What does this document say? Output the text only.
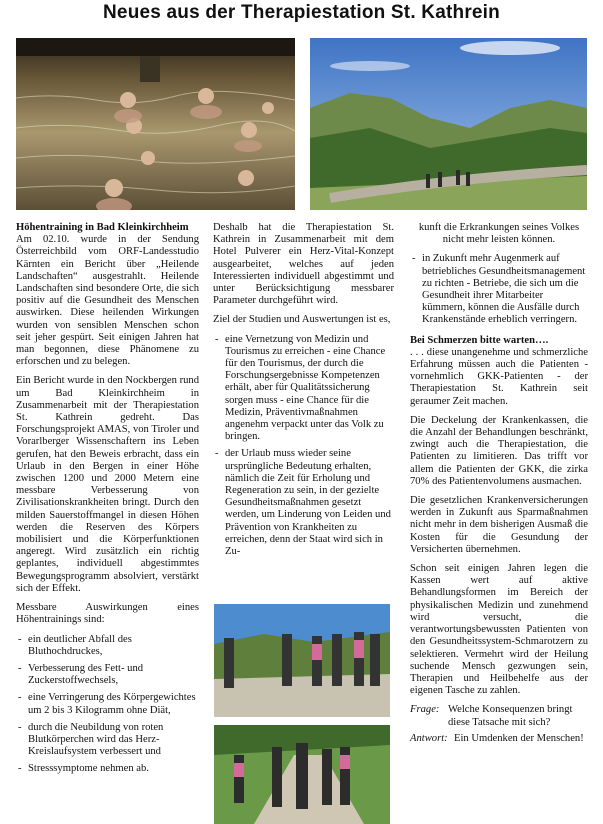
Neues aus der Therapiestation St. Kathrein
Höhentraining in Bad Kleinkirchheim

Am 02.10. wurde in der Sendung Österreichbild vom ORF-Landesstudio Kärnten ein Bericht über „Heilende Landschaften“ ausgestrahlt. Heilende Landschaften sind besondere Orte, die sich positiv auf die Gesundheit des Menschen auswirken. Diese heilenden Wirkungen wurden von sensiblen Menschen schon seit jeher gespürt. Seit einigen Jahren hat man begonnen, diese Phänomene zu erforschen und zu belegen.

Ein Bericht wurde in den Nockbergen rund um Bad Kleinkirchheim in Zusammenarbeit mit der Therapiestation St. Kathrein gedreht. Das Forschungsprojekt AMAS, von Tiroler und Vorarlberger Wissenschaftern ins Leben gerufen, hat den Beweis erbracht, dass ein Urlaub in den Bergen in einer Höhe zwischen 1200 und 2000 Metern eine messbare Verbesserung von Zivilisationskrankheiten bringt. Durch den milden Sauerstoffmangel in diesen Höhen werden die Reserven des Körpers mobilisiert und die Körperfunktionen angeregt. Wird zusätzlich ein richtig geplantes, individuell abgestimmtes Bewegungsprogramm absolviert, verstärkt sich der Effekt.

Messbare Auswirkungen eines Höhentrainings sind:

- ein deutlicher Abfall des Bluthochdruckes,
- Verbesserung des Fett- und Zuckerstoffwechsels,
- eine Verringerung des Körpergewichtes um 2 bis 3 Kilogramm ohne Diät,
- durch die Neubildung von roten Blutkörperchen wird das Herz-Kreislaufsystem verbessert und
- Stresssymptome nehmen ab.

Deshalb hat die Therapiestation St. Kathrein in Zusammenarbeit mit dem Hotel Pulverer ein Herz-Vital-Konzept ausgearbeitet, welches auf jeden Interessierten individuell abgestimmt und unter Berücksichtigung messbarer Parameter durchgeführt wird.

Ziel der Studien und Auswertungen ist es,

- eine Vernetzung von Medizin und Tourismus zu erreichen - eine Chance für den Tourismus, der durch die Forschungsergebnisse Kompetenzen erhält, aber für Qualitätssicherung sorgen muss - eine Chance für die Medizin, Präventivmaßnahmen angenehm verpackt unter das Volk zu bringen.
- der Urlaub muss wieder seine ursprüngliche Bedeutung erhalten, nämlich die Zeit für Erholung und Regeneration zu sein, in der gezielte Gesundheitsmaßnahmen gesetzt werden, um Linderung von Leiden und Prävention von Krankheiten zu erreichen, denn der Staat wird sich in Zu-

kunft die Erkrankungen seines Volkes nicht mehr leisten können.

- in Zukunft mehr Augenmerk auf betriebliches Gesundheitsmanagement zu richten - Betriebe, die sich um die Gesundheit ihrer Mitarbeiter kümmern, können die Ausfälle durch Krankenstände erheblich verringern.
Bei Schmerzen bitte warten….

. . . diese unangenehme und schmerzliche Erfahrung müssen auch die Patienten - vornehmlich GKK-Patienten - der Therapiestation St. Kathrein seit geraumer Zeit machen.

Die Deckelung der Krankenkassen, die die Anzahl der Behandlungen beschränkt, zwingt auch die Therapiestation, die Patienten zu limitieren. Das trifft vor allem die Patienten der GKK, die zirka 70% des Patientenvolumens ausmachen.

Die gesetzlichen Krankenversicherungen werden in Zukunft aus Sparmaßnahmen nicht mehr in dem bisherigen Ausmaß die Kosten für die Gesundung der Versicherten übernehmen.

Schon seit einigen Jahren legen die Kassen wert auf aktive Behandlungsformen im Bereich der physikalischen Medizin und zunehmend wird versucht, die verantwortungsbewussten Patienten von den Gesundheitssystem-Schmarotzern zu selektieren. Vermehrt wird der Heilung suchende Mensch gezwungen sein, Therapien und Heilbehelfe aus der eigenen Tasche zu zahlen.

Frage: Welche Konsequenzen bringt diese Tatsache mit sich?
Antwort: Ein Umdenken der Menschen!
